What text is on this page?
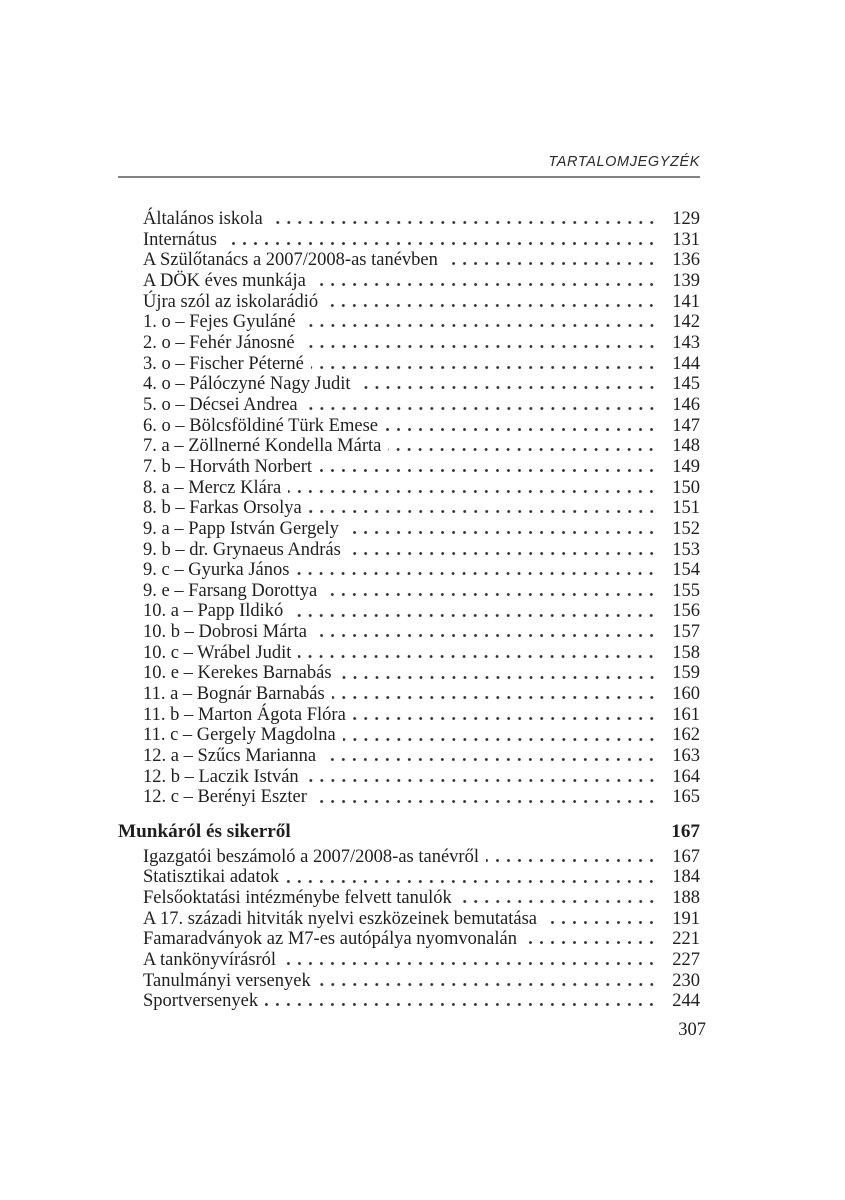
TARTALOMJEGYZÉK
Általános iskola	129
Internátus	131
A Szülőtanács a 2007/2008-as tanévben	136
A DÖK éves munkája	139
Újra szól az iskolarádió	141
1. o – Fejes Gyuláné	142
2. o – Fehér Jánosné	143
3. o – Fischer Péterné	144
4. o – Pálóczyné Nagy Judit	145
5. o – Décsei Andrea	146
6. o – Bölcsföldiné Türk Emese	147
7. a – Zöllnerné Kondella Márta	148
7. b – Horváth Norbert	149
8. a – Mercz Klára	150
8. b – Farkas Orsolya	151
9. a – Papp István Gergely	152
9. b – dr. Grynaeus András	153
9. c – Gyurka János	154
9. e – Farsang Dorottya	155
10. a – Papp Ildikó	156
10. b – Dobrosi Márta	157
10. c – Wrábel Judit	158
10. e – Kerekes Barnabás	159
11. a – Bognár Barnabás	160
11. b – Marton Ágota Flóra	161
11. c – Gergely Magdolna	162
12. a – Szűcs Marianna	163
12. b – Laczik István	164
12. c – Berényi Eszter	165
Munkáról és sikerről	167
Igazgatói beszámoló a 2007/2008-as tanévről	167
Statisztikai adatok	184
Felsőoktatási intézménybe felvett tanulók	188
A 17. századi hitviták nyelvi eszközeinek bemutatása	191
Famaradványok az M7-es autópálya nyomvonalán	221
A tankönyvírásról	227
Tanulmányi versenyek	230
Sportversenyek	244
307
